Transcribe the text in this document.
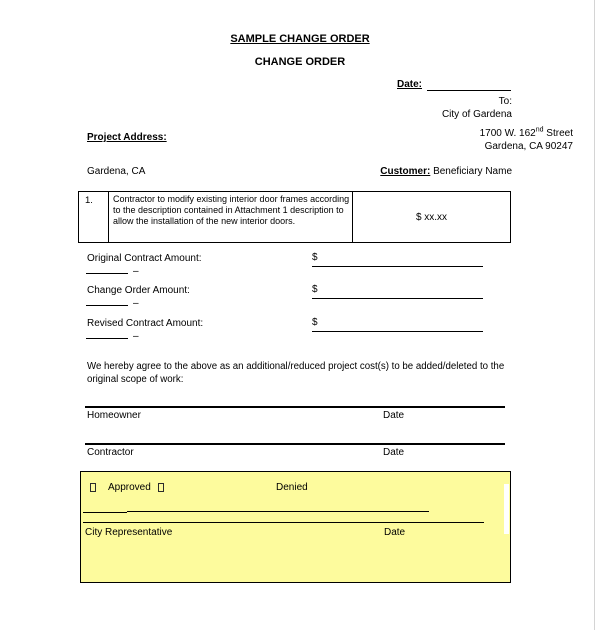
SAMPLE CHANGE ORDER
CHANGE ORDER
Date:
To:
City of Gardena
Project Address:	1700 W. 162nd Street
Gardena, CA 90247
Gardena, CA	Customer: Beneficiary Name
1.	Contractor to modify existing interior door frames according to the description contained in Attachment 1 description to allow the installation of the new interior doors.	$ xx.xx
Original Contract Amount:	$
–
Change Order Amount:	$
–
Revised Contract Amount:	$
–
We hereby agree to the above as an additional/reduced project cost(s) to be added/deleted to the original scope of work:
Homeowner	Date
Contractor	Date
Approved	Denied
City Representative	Date
